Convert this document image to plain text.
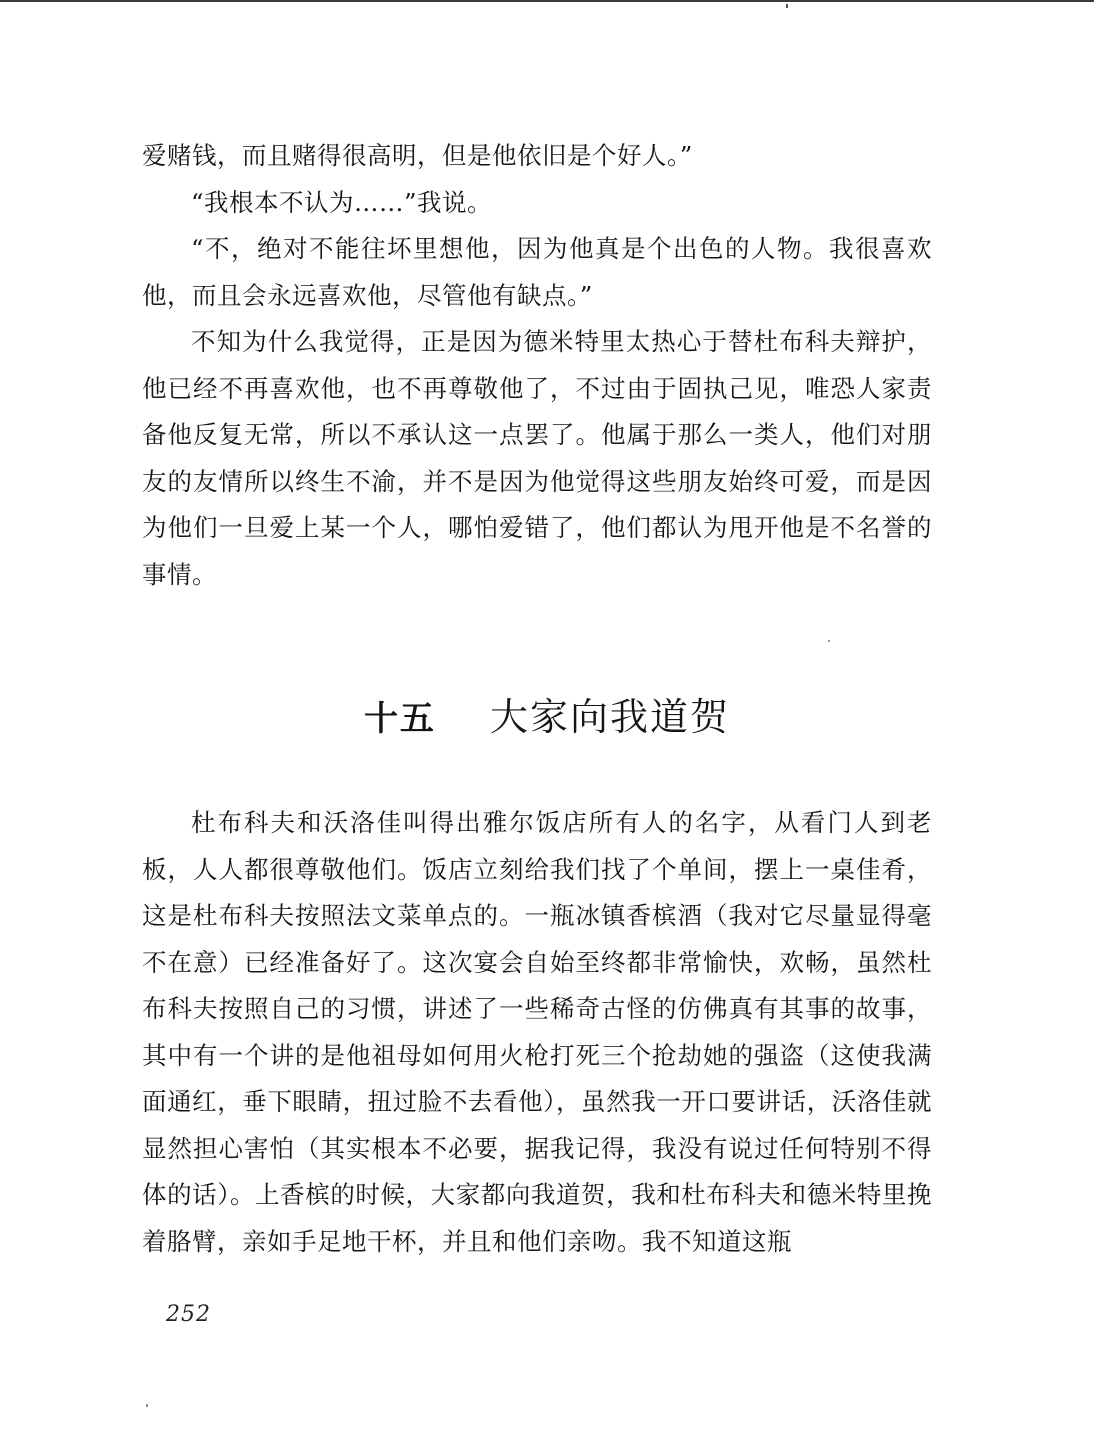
爱赌钱，而且赌得很高明，但是他依旧是个好人。”

“我根本不认为……”我说。

“不，绝对不能往坏里想他，因为他真是个出色的人物。我很喜欢他，而且会永远喜欢他，尽管他有缺点。”

不知为什么我觉得，正是因为德米特里太热心于替杜布科夫辩护，他已经不再喜欢他，也不再尊敬他了，不过由于固执己见，唯恐人家责备他反复无常，所以不承认这一点罢了。他属于那么一类人，他们对朋友的友情所以终生不渝，并不是因为他觉得这些朋友始终可爱，而是因为他们一旦爱上某一个人，哪怕爱错了，他们都认为甩开他是不名誉的事情。

十五 大家向我道贺

杜布科夫和沃洛佳叫得出雅尔饭店所有人的名字，从看门人到老板，人人都很尊敬他们。饭店立刻给我们找了个单间，摆上一桌佳肴，这是杜布科夫按照法文菜单点的。一瓶冰镇香槟酒（我对它尽量显得毫不在意）已经准备好了。这次宴会自始至终都非常愉快，欢畅，虽然杜布科夫按照自己的习惯，讲述了一些稀奇古怪的仿佛真有其事的故事，其中有一个讲的是他祖母如何用火枪打死三个抢劫她的强盗（这使我满面通红，垂下眼睛，扭过脸不去看他），虽然我一开口要讲话，沃洛佳就显然担心害怕（其实根本不必要，据我记得，我没有说过任何特别不得体的话）。上香槟的时候，大家都向我道贺，我和杜布科夫和德米特里挽着胳臂，亲如手足地干杯，并且和他们亲吻。我不知道这瓶

252
